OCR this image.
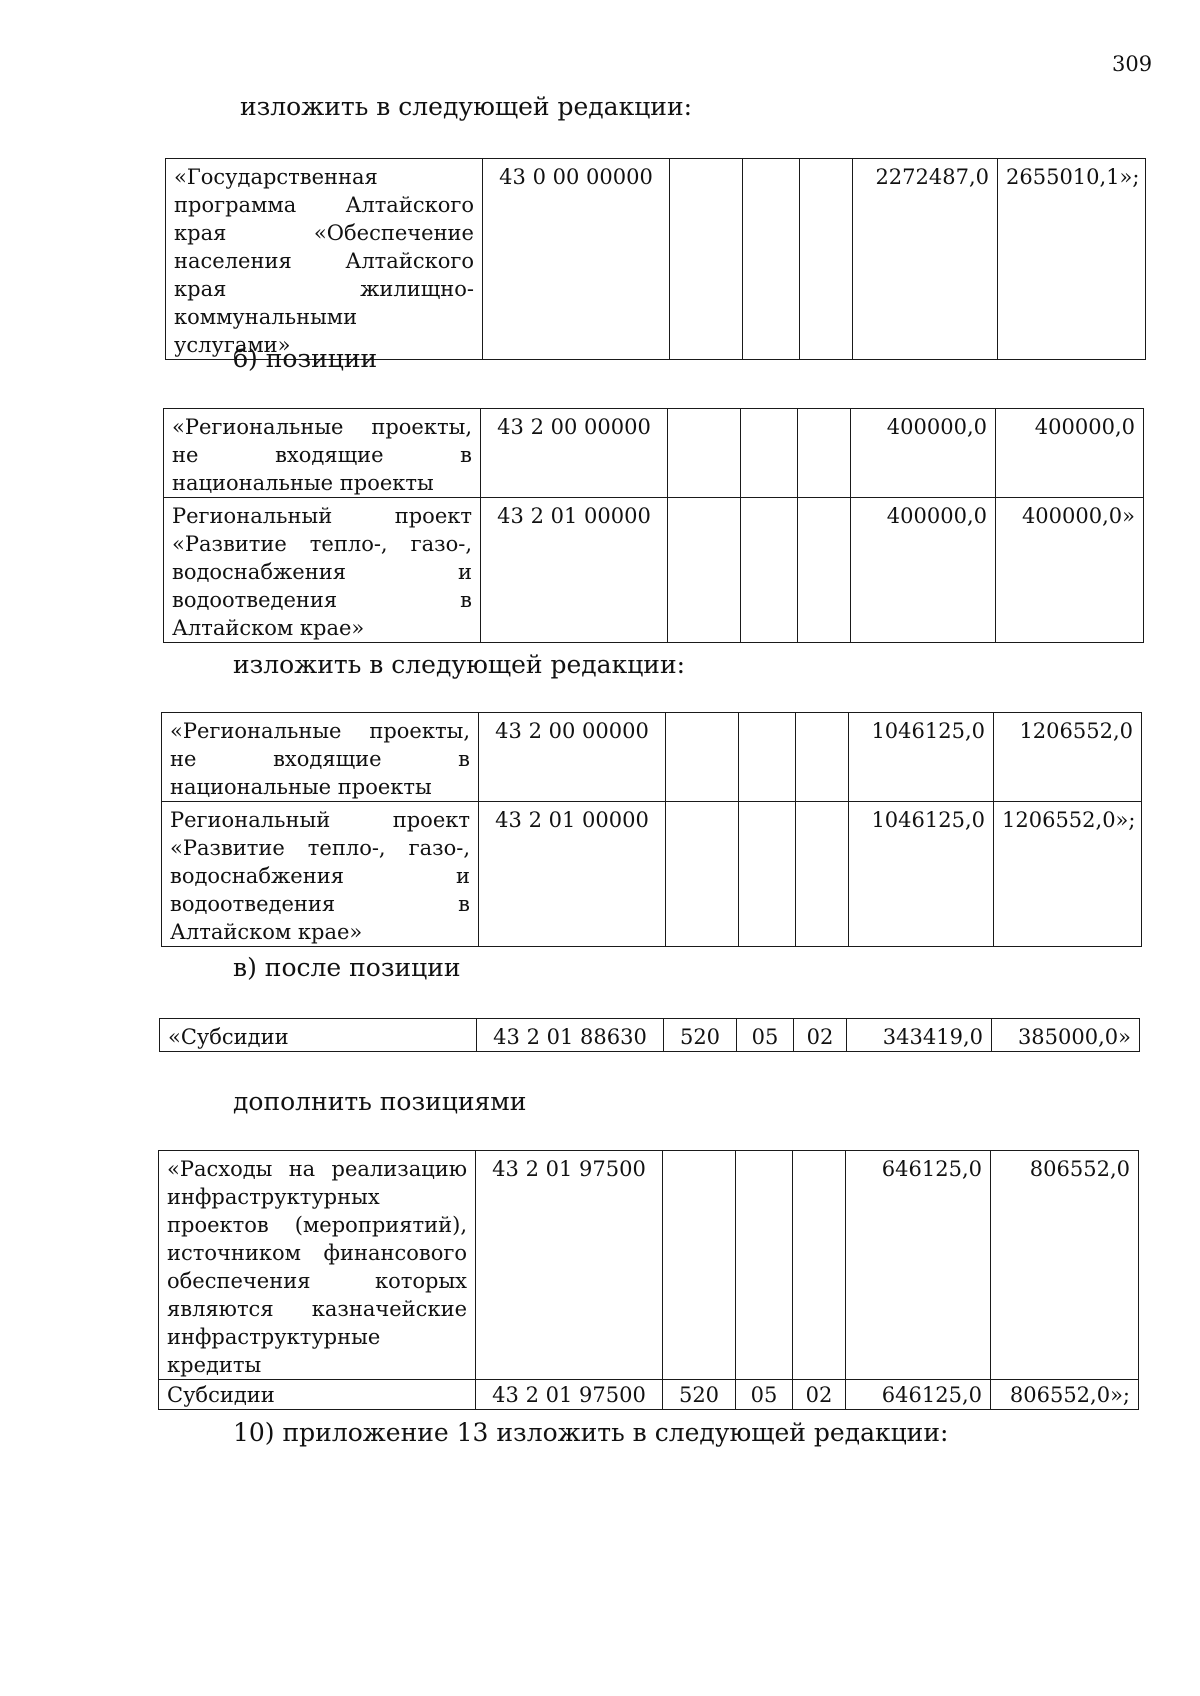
309
изложить в следующей редакции:
«Государственная программа Алтайского края «Обеспечение населения Алтайского края жилищно-коммунальными услугами»	43 0 00 00000				2272487,0	2655010,1»;
б) позиции
«Региональные проекты, не входящие в национальные проекты	43 2 00 00000				400000,0	400000,0
Региональный проект «Развитие тепло-, газо-, водоснабжения и водоотведения в Алтайском крае»	43 2 01 00000				400000,0	400000,0»
изложить в следующей редакции:
«Региональные проекты, не входящие в национальные проекты	43 2 00 00000				1046125,0	1206552,0
Региональный проект «Развитие тепло-, газо-, водоснабжения и водоотведения в Алтайском крае»	43 2 01 00000				1046125,0	1206552,0»;
в) после позиции
«Субсидии	43 2 01 88630	520	05	02	343419,0	385000,0»
дополнить позициями
«Расходы на реализацию инфраструктурных проектов (мероприятий), источником финансового обеспечения которых являются казначейские инфраструктурные кредиты	43 2 01 97500				646125,0	806552,0
Субсидии	43 2 01 97500	520	05	02	646125,0	806552,0»;
10) приложение 13 изложить в следующей редакции:
